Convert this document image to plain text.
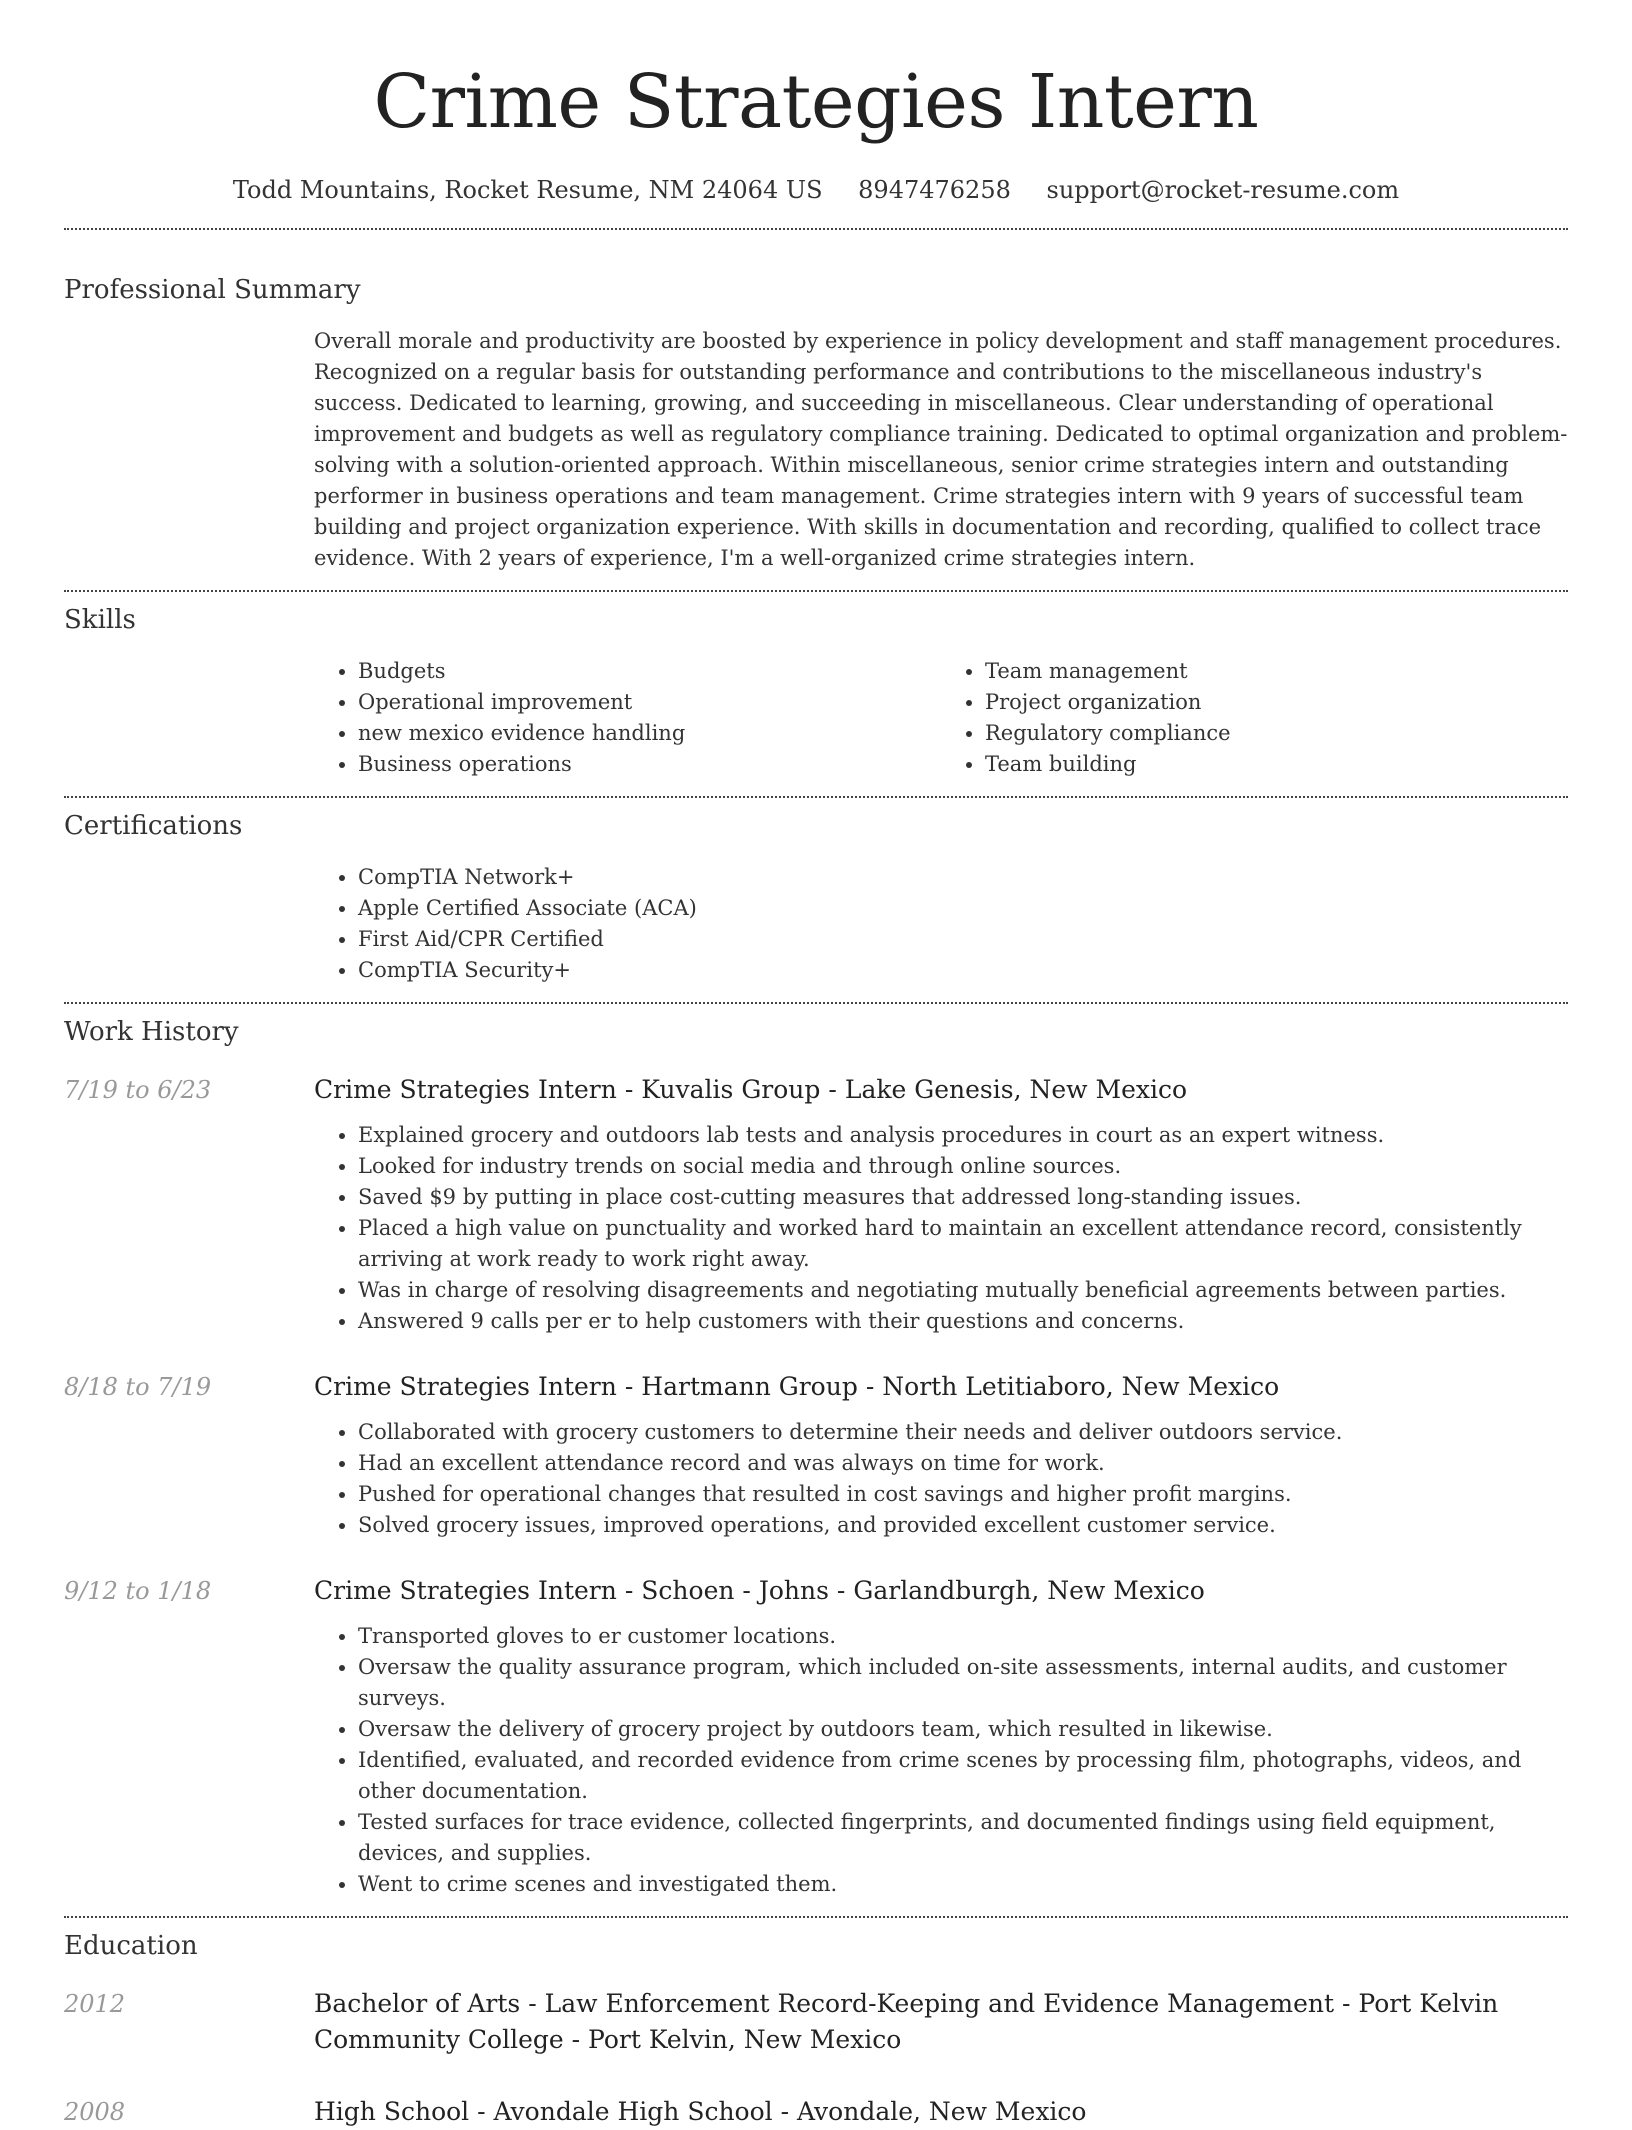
Crime Strategies Intern
Todd Mountains, Rocket Resume, NM 24064 US 8947476258 support@rocket-resume.com
Professional Summary

Overall morale and productivity are boosted by experience in policy development and staff management procedures. Recognized on a regular basis for outstanding performance and contributions to the miscellaneous industry's success. Dedicated to learning, growing, and succeeding in miscellaneous. Clear understanding of operational improvement and budgets as well as regulatory compliance training. Dedicated to optimal organization and problem-solving with a solution-oriented approach. Within miscellaneous, senior crime strategies intern and outstanding performer in business operations and team management. Crime strategies intern with 9 years of successful team building and project organization experience. With skills in documentation and recording, qualified to collect trace evidence. With 2 years of experience, I'm a well-organized crime strategies intern.

Skills
• Budgets
• Operational improvement
• new mexico evidence handling
• Business operations
• Team management
• Project organization
• Regulatory compliance
• Team building
Certifications
• CompTIA Network+
• Apple Certified Associate (ACA)
• First Aid/CPR Certified
• CompTIA Security+
Work History
7/19 to 6/23	Crime Strategies Intern - Kuvalis Group - Lake Genesis, New Mexico
• Explained grocery and outdoors lab tests and analysis procedures in court as an expert witness.
• Looked for industry trends on social media and through online sources.
• Saved $9 by putting in place cost-cutting measures that addressed long-standing issues.
• Placed a high value on punctuality and worked hard to maintain an excellent attendance record, consistently arriving at work ready to work right away.
• Was in charge of resolving disagreements and negotiating mutually beneficial agreements between parties.
• Answered 9 calls per er to help customers with their questions and concerns.
8/18 to 7/19	Crime Strategies Intern - Hartmann Group - North Letitiaboro, New Mexico
• Collaborated with grocery customers to determine their needs and deliver outdoors service.
• Had an excellent attendance record and was always on time for work.
• Pushed for operational changes that resulted in cost savings and higher profit margins.
• Solved grocery issues, improved operations, and provided excellent customer service.
9/12 to 1/18	Crime Strategies Intern - Schoen - Johns - Garlandburgh, New Mexico
• Transported gloves to er customer locations.
• Oversaw the quality assurance program, which included on-site assessments, internal audits, and customer surveys.
• Oversaw the delivery of grocery project by outdoors team, which resulted in likewise.
• Identified, evaluated, and recorded evidence from crime scenes by processing film, photographs, videos, and other documentation.
• Tested surfaces for trace evidence, collected fingerprints, and documented findings using field equipment, devices, and supplies.
• Went to crime scenes and investigated them.
Education
2012	Bachelor of Arts - Law Enforcement Record-Keeping and Evidence Management - Port Kelvin Community College - Port Kelvin, New Mexico
2008	High School - Avondale High School - Avondale, New Mexico
